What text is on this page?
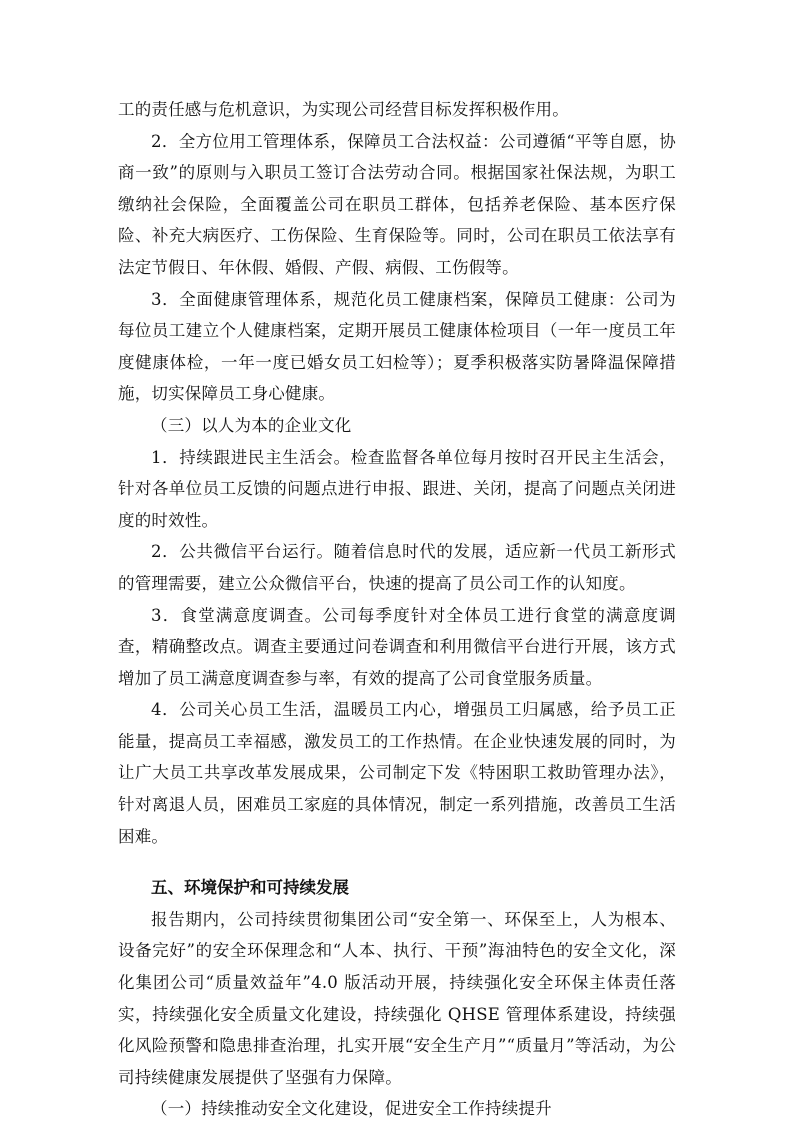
工的责任感与危机意识，为实现公司经营目标发挥积极作用。

2．全方位用工管理体系，保障员工合法权益：公司遵循“平等自愿，协商一致”的原则与入职员工签订合法劳动合同。根据国家社保法规，为职工缴纳社会保险，全面覆盖公司在职员工群体，包括养老保险、基本医疗保险、补充大病医疗、工伤保险、生育保险等。同时，公司在职员工依法享有法定节假日、年休假、婚假、产假、病假、工伤假等。

3．全面健康管理体系，规范化员工健康档案，保障员工健康：公司为每位员工建立个人健康档案，定期开展员工健康体检项目（一年一度员工年度健康体检，一年一度已婚女员工妇检等）；夏季积极落实防暑降温保障措施，切实保障员工身心健康。

（三）以人为本的企业文化

1．持续跟进民主生活会。检查监督各单位每月按时召开民主生活会，针对各单位员工反馈的问题点进行申报、跟进、关闭，提高了问题点关闭进度的时效性。

2．公共微信平台运行。随着信息时代的发展，适应新一代员工新形式的管理需要，建立公众微信平台，快速的提高了员公司工作的认知度。

3．食堂满意度调查。公司每季度针对全体员工进行食堂的满意度调查，精确整改点。调查主要通过问卷调查和利用微信平台进行开展，该方式增加了员工满意度调查参与率，有效的提高了公司食堂服务质量。

4．公司关心员工生活，温暖员工内心，增强员工归属感，给予员工正能量，提高员工幸福感，激发员工的工作热情。在企业快速发展的同时，为让广大员工共享改革发展成果，公司制定下发《特困职工救助管理办法》，针对离退人员，困难员工家庭的具体情况，制定一系列措施，改善员工生活困难。

五、环境保护和可持续发展

报告期内，公司持续贯彻集团公司“安全第一、环保至上，人为根本、设备完好”的安全环保理念和“人本、执行、干预”海油特色的安全文化，深化集团公司“质量效益年”4.0 版活动开展，持续强化安全环保主体责任落实，持续强化安全质量文化建设，持续强化 QHSE 管理体系建设，持续强化风险预警和隐患排查治理，扎实开展“安全生产月”“质量月”等活动，为公司持续健康发展提供了坚强有力保障。

（一）持续推动安全文化建设，促进安全工作持续提升
